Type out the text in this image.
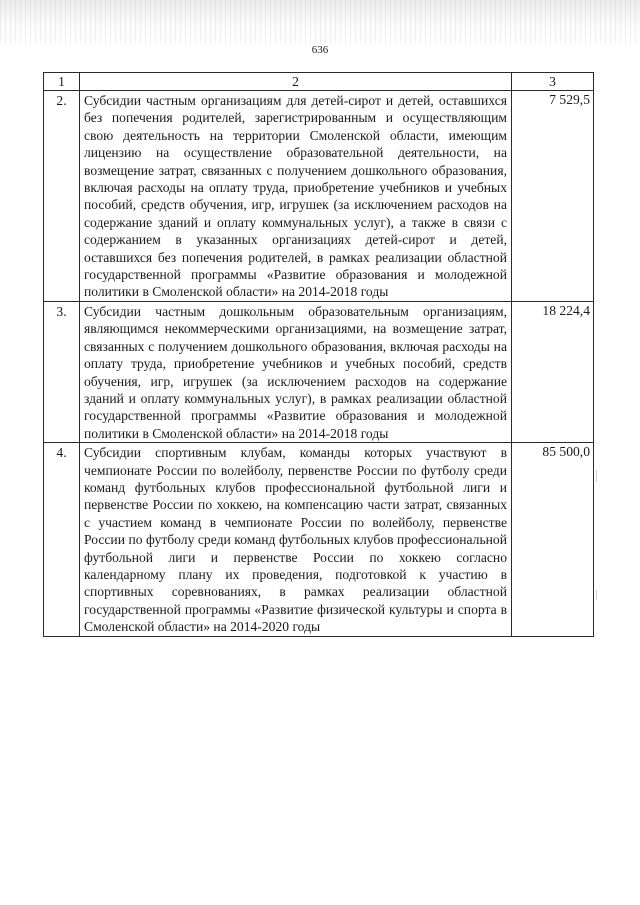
636
1	2	3
2.	Субсидии частным организациям для детей-сирот и детей, оставшихся без попечения родителей, зарегистрированным и осуществляющим свою деятельность на территории Смоленской области, имеющим лицензию на осуществление образовательной деятельности, на возмещение затрат, связанных с получением дошкольного образования, включая расходы на оплату труда, приобретение учебников и учебных пособий, средств обучения, игр, игрушек (за исключением расходов на содержание зданий и оплату коммунальных услуг), а также в связи с содержанием в указанных организациях детей-сирот и детей, оставшихся без попечения родителей, в рамках реализации областной государственной программы «Развитие образования и молодежной политики в Смоленской области» на 2014-2018 годы	7 529,5
3.	Субсидии частным дошкольным образовательным организациям, являющимся некоммерческими организациями, на возмещение затрат, связанных с получением дошкольного образования, включая расходы на оплату труда, приобретение учебников и учебных пособий, средств обучения, игр, игрушек (за исключением расходов на содержание зданий и оплату коммунальных услуг), в рамках реализации областной государственной программы «Развитие образования и молодежной политики в Смоленской области» на 2014-2018 годы	18 224,4
4.	Субсидии спортивным клубам, команды которых участвуют в чемпионате России по волейболу, первенстве России по футболу среди команд футбольных клубов профессиональной футбольной лиги и первенстве России по хоккею, на компенсацию части затрат, связанных с участием команд в чемпионате России по волейболу, первенстве России по футболу среди команд футбольных клубов профессиональной футбольной лиги и первенстве России по хоккею согласно календарному плану их проведения, подготовкой к участию в спортивных соревнованиях, в рамках реализации областной государственной программы «Развитие физической культуры и спорта в Смоленской области» на 2014-2020 годы	85 500,0
